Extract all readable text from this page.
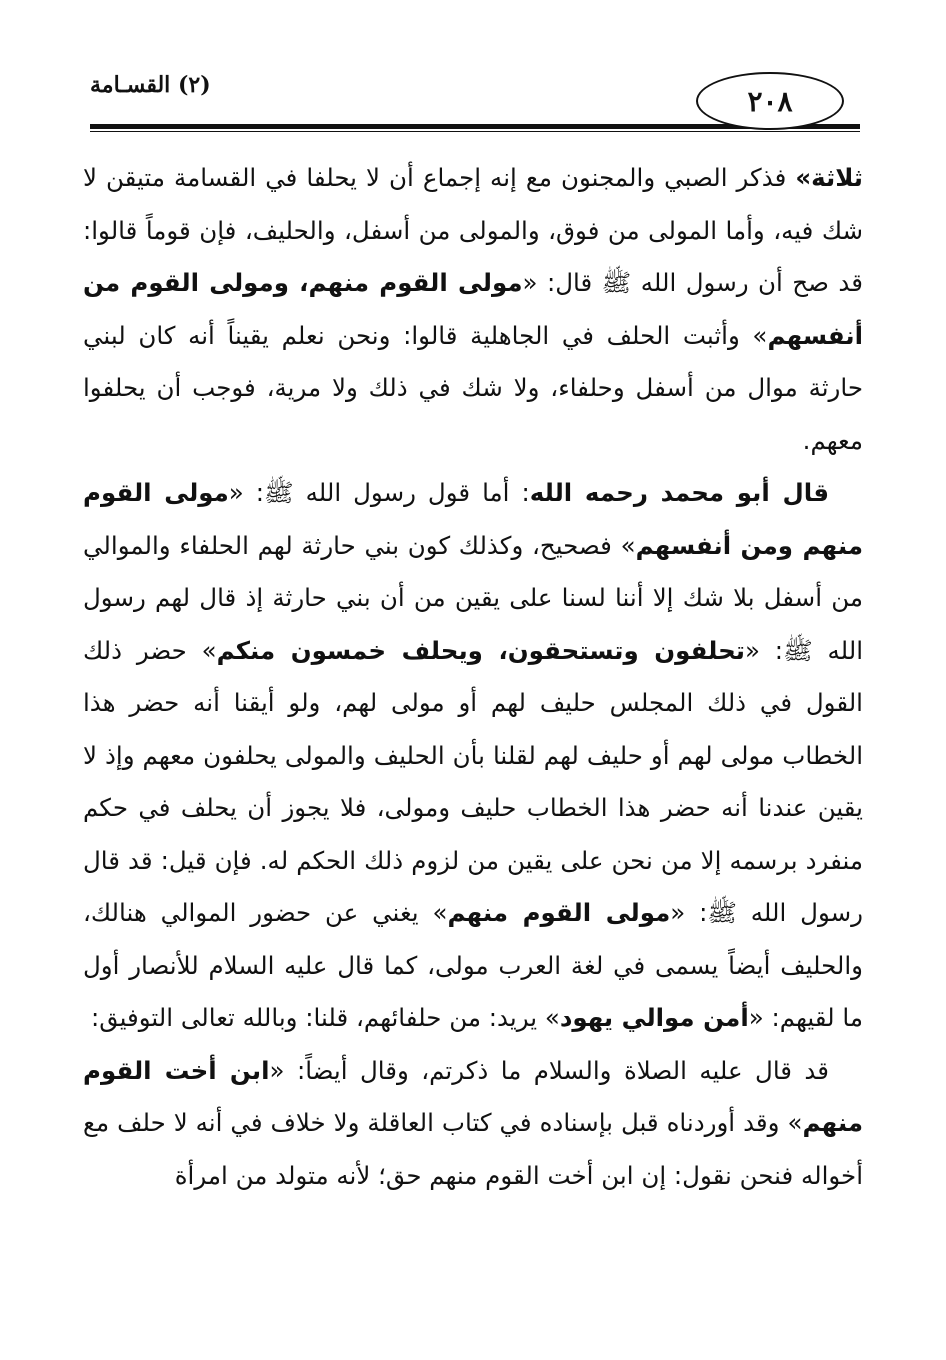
٢٠٨
(٢) القسـامة

ثلاثة» فذكر الصبي والمجنون مع إنه إجماع أن لا يحلفا في القسامة متيقن لا شك فيه، وأما المولى من فوق، والمولى من أسفل، والحليف، فإن قوماً قالوا: قد صح أن رسول الله ﷺ قال: «مولى القوم منهم، ومولى القوم من أنفسهم» وأثبت الحلف في الجاهلية قالوا: ونحن نعلم يقيناً أنه كان لبني حارثة موال من أسفل وحلفاء، ولا شك في ذلك ولا مرية، فوجب أن يحلفوا معهم.

قال أبو محمد رحمه الله: أما قول رسول الله ﷺ: «مولى القوم منهم ومن أنفسهم» فصحيح، وكذلك كون بني حارثة لهم الحلفاء والموالي من أسفل بلا شك إلا أننا لسنا على يقين من أن بني حارثة إذ قال لهم رسول الله ﷺ: «تحلفون وتستحقون، ويحلف خمسون منكم» حضر ذلك القول في ذلك المجلس حليف لهم أو مولى لهم، ولو أيقنا أنه حضر هذا الخطاب مولى لهم أو حليف لهم لقلنا بأن الحليف والمولى يحلفون معهم وإذ لا يقين عندنا أنه حضر هذا الخطاب حليف ومولى، فلا يجوز أن يحلف في حكم منفرد برسمه إلا من نحن على يقين من لزوم ذلك الحكم له. فإن قيل: قد قال رسول الله ﷺ: «مولى القوم منهم» يغني عن حضور الموالي هنالك، والحليف أيضاً يسمى في لغة العرب مولى، كما قال عليه السلام للأنصار أول ما لقيهم: «أمن موالي يهود» يريد: من حلفائهم، قلنا: وبالله تعالى التوفيق:

قد قال عليه الصلاة والسلام ما ذكرتم، وقال أيضاً: «ابن أخت القوم منهم» وقد أوردناه قبل بإسناده في كتاب العاقلة ولا خلاف في أنه لا حلف مع أخواله فنحن نقول: إن ابن أخت القوم منهم حق؛ لأنه متولد من امرأة
